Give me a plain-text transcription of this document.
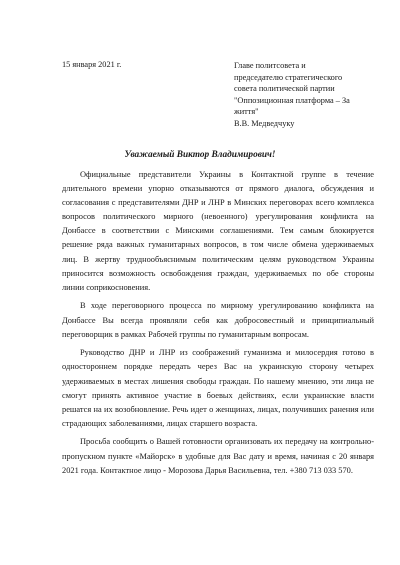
15 января 2021 г.	Главе политсовета и
председателю стратегического
совета политической партии
"Оппозиционная платформа – За
життя"
В.В. Медведчуку
Уважаемый Виктор Владимирович!

Официальные представители Украины в Контактной группе в течение длительного времени упорно отказываются от прямого диалога, обсуждения и согласования с представителями ДНР и ЛНР в Минских переговорах всего комплекса вопросов политического мирного (невоенного) урегулирования конфликта на Донбассе в соответствии с Минскими соглашениями. Тем самым блокируется решение ряда важных гуманитарных вопросов, в том числе обмена удерживаемых лиц. В жертву труднообъяснимым политическим целям руководством Украины приносится возможность освобождения граждан, удерживаемых по обе стороны линии соприкосновения.

В ходе переговорного процесса по мирному урегулированию конфликта на Донбассе Вы всегда проявляли себя как добросовестный и принципиальный переговорщик в рамках Рабочей группы по гуманитарным вопросам.

Руководство ДНР и ЛНР из соображений гуманизма и милосердия готово в одностороннем порядке передать через Вас на украинскую сторону четырех удерживаемых в местах лишения свободы граждан. По нашему мнению, эти лица не смогут принять активное участие в боевых действиях, если украинские власти решатся на их возобновление. Речь идет о женщинах, лицах, получивших ранения или страдающих заболеваниями, лицах старшего возраста.

Просьба сообщить о Вашей готовности организовать их передачу на контрольно-пропускном пункте «Майорск» в удобные для Вас дату и время, начиная с 20 января 2021 года. Контактное лицо - Морозова Дарья Васильевна, тел. +380 713 033 570.
